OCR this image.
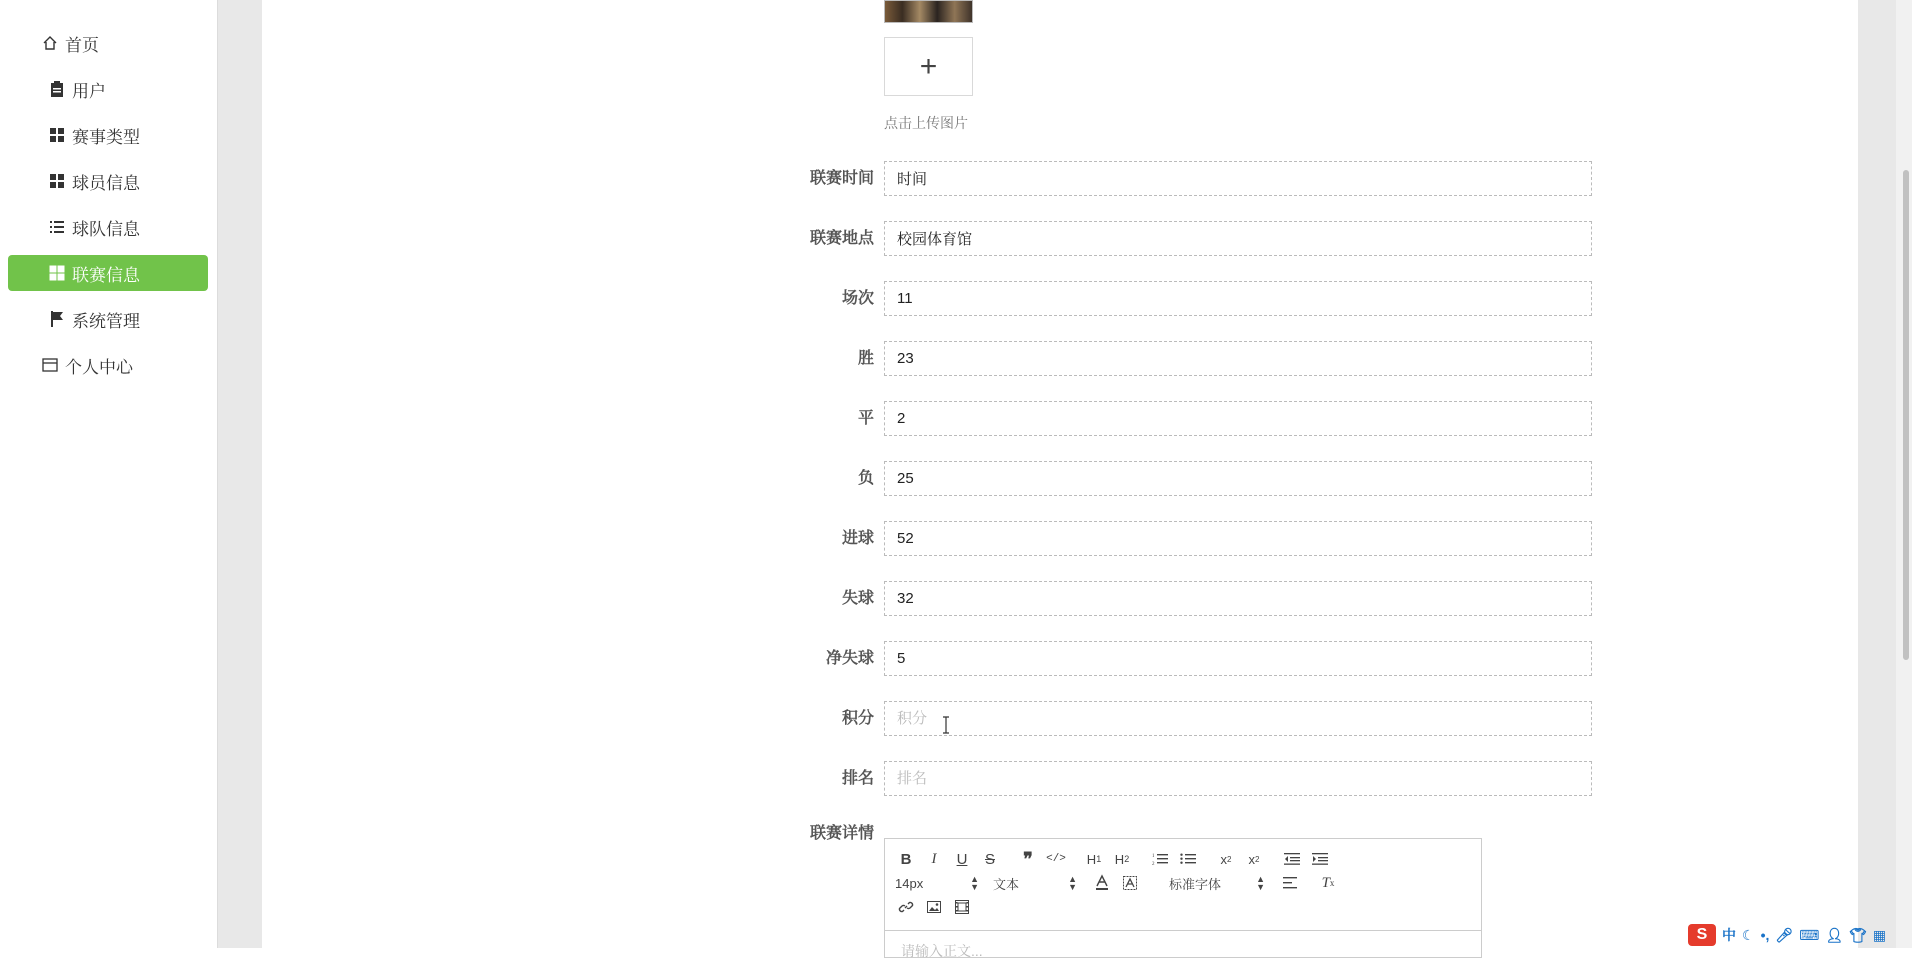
首页
用户
赛事类型
球员信息
球队信息
联赛信息
系统管理
个人中心
+
点击上传图片
联赛时间
时间
联赛地点
校园体育馆
场次
11
胜
23
平
2
负
25
进球
52
失球
32
净失球
5
积分
积分
排名
排名
联赛详情
B	I	U	S	❞	</> H 1 H 2	1
2	x 2	x 2
14px	▲
▼ 文本	▲
▼	标准字体	▲
▼	T x
请输入正文...
S	中 ☾ •, 🎤︎ ⌨ 👤︎ 👕︎ ▦
